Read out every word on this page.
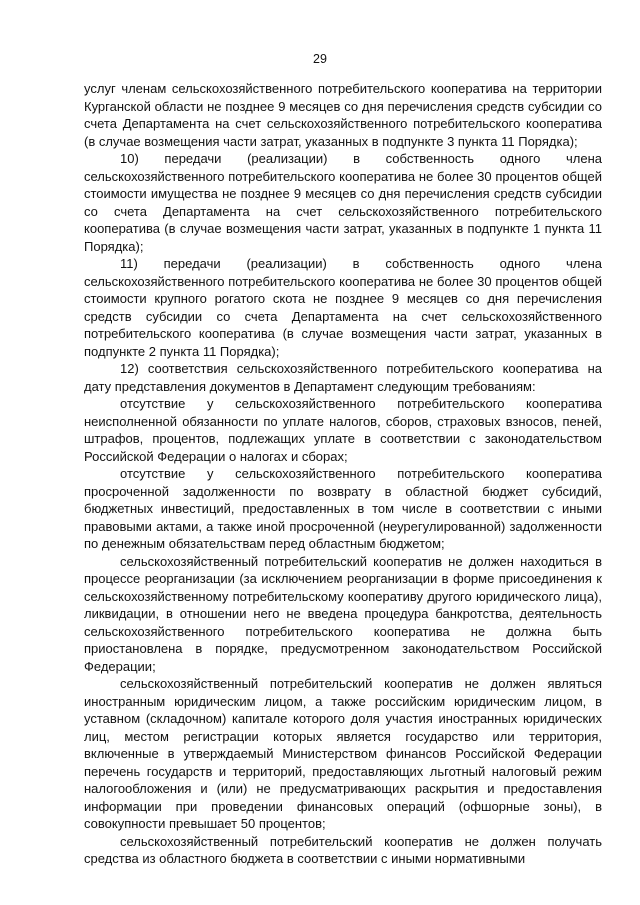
29

услуг членам сельскохозяйственного потребительского кооператива на территории Курганской области не позднее 9 месяцев со дня перечисления средств субсидии со счета Департамента на счет сельскохозяйственного потребительского кооператива (в случае возмещения части затрат, указанных в подпункте 3 пункта 11 Порядка);

10) передачи (реализации) в собственность одного члена сельскохозяйственного потребительского кооператива не более 30 процентов общей стоимости имущества не позднее 9 месяцев со дня перечисления средств субсидии со счета Департамента на счет сельскохозяйственного потребительского кооператива (в случае возмещения части затрат, указанных в подпункте 1 пункта 11 Порядка);

11) передачи (реализации) в собственность одного члена сельскохозяйственного потребительского кооператива не более 30 процентов общей стоимости крупного рогатого скота не позднее 9 месяцев со дня перечисления средств субсидии со счета Департамента на счет сельскохозяйственного потребительского кооператива (в случае возмещения части затрат, указанных в подпункте 2 пункта 11 Порядка);

12) соответствия сельскохозяйственного потребительского кооператива на дату представления документов в Департамент следующим требованиям:

отсутствие у сельскохозяйственного потребительского кооператива неисполненной обязанности по уплате налогов, сборов, страховых взносов, пеней, штрафов, процентов, подлежащих уплате в соответствии с законодательством Российской Федерации о налогах и сборах;

отсутствие у сельскохозяйственного потребительского кооператива просроченной задолженности по возврату в областной бюджет субсидий, бюджетных инвестиций, предоставленных в том числе в соответствии с иными правовыми актами, а также иной просроченной (неурегулированной) задолженности по денежным обязательствам перед областным бюджетом;

сельскохозяйственный потребительский кооператив не должен находиться в процессе реорганизации (за исключением реорганизации в форме присоединения к сельскохозяйственному потребительскому кооперативу другого юридического лица), ликвидации, в отношении него не введена процедура банкротства, деятельность сельскохозяйственного потребительского кооператива не должна быть приостановлена в порядке, предусмотренном законодательством Российской Федерации;

сельскохозяйственный потребительский кооператив не должен являться иностранным юридическим лицом, а также российским юридическим лицом, в уставном (складочном) капитале которого доля участия иностранных юридических лиц, местом регистрации которых является государство или территория, включенные в утверждаемый Министерством финансов Российской Федерации перечень государств и территорий, предоставляющих льготный налоговый режим налогообложения и (или) не предусматривающих раскрытия и предоставления информации при проведении финансовых операций (офшорные зоны), в совокупности превышает 50 процентов;

сельскохозяйственный потребительский кооператив не должен получать средства из областного бюджета в соответствии с иными нормативными
